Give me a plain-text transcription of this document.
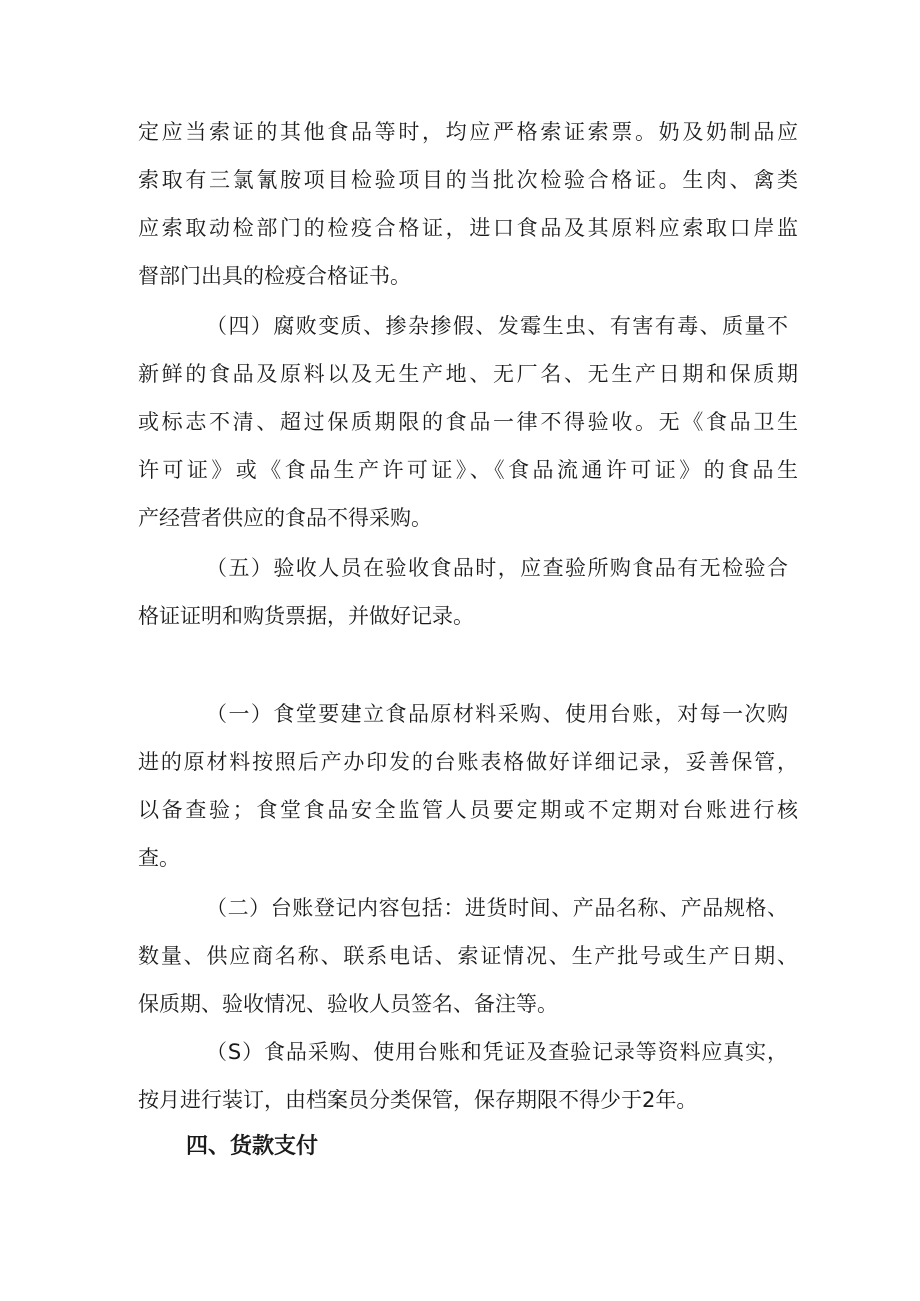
定应当索证的其他食品等时，均应严格索证索票。奶及奶制品应
索取有三氯氰胺项目检验项目的当批次检验合格证。生肉、禽类
应索取动检部门的检疫合格证，进口食品及其原料应索取口岸监
督部门出具的检疫合格证书。
（四）腐败变质、掺杂掺假、发霉生虫、有害有毒、质量不
新鲜的食品及原料以及无生产地、无厂名、无生产日期和保质期
或标志不清、超过保质期限的食品一律不得验收。无《食品卫生
许可证》或《食品生产许可证》、《食品流通许可证》的食品生
产经营者供应的食品不得采购。
（五）验收人员在验收食品时，应查验所购食品有无检验合
格证证明和购货票据，并做好记录。
（一）食堂要建立食品原材料采购、使用台账，对每一次购
进的原材料按照后产办印发的台账表格做好详细记录，妥善保管，
以备查验；食堂食品安全监管人员要定期或不定期对台账进行核
查。
（二）台账登记内容包括：进货时间、产品名称、产品规格、
数量、供应商名称、联系电话、索证情况、生产批号或生产日期、
保质期、验收情况、验收人员签名、备注等。
（S）食品采购、使用台账和凭证及查验记录等资料应真实，
按月进行装订，由档案员分类保管，保存期限不得少于2年。
四、货款支付
